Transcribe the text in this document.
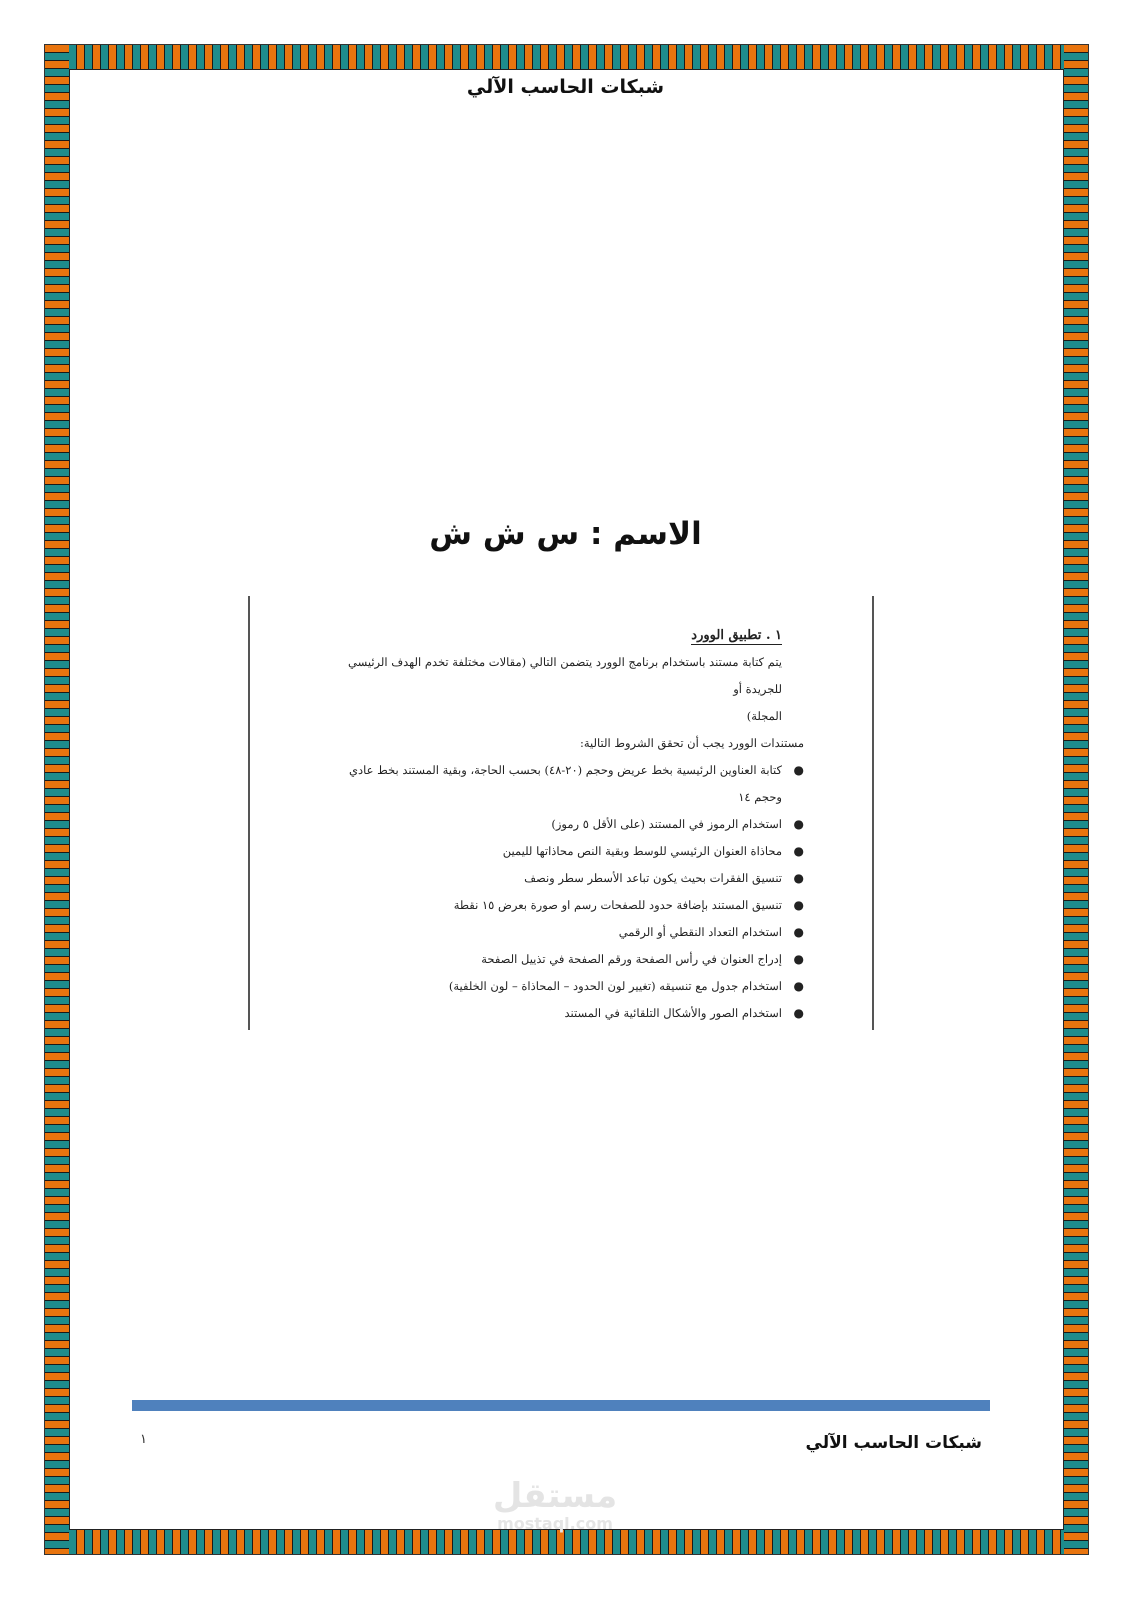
شبكات الحاسب الآلي
الاسم : س ش ش
١ . تطبيق الوورد

يتم كتابة مستند باستخدام برنامج الوورد يتضمن التالي (مقالات مختلفة تخدم الهدف الرئيسي للجريدة أو

المجلة)

مستندات الوورد يجب أن تحقق الشروط التالية:

●
كتابة العناوين الرئيسية بخط عريض وحجم (٢٠-٤٨) بحسب الحاجة، وبقية المستند بخط عادي
وحجم ١٤
●
استخدام الرموز في المستند (على الأقل ٥ رموز)
●
محاذاة العنوان الرئيسي للوسط وبقية النص محاذاتها لليمين
●
تنسيق الفقرات بحيث يكون تباعد الأسطر سطر ونصف
●
تنسيق المستند بإضافة حدود للصفحات رسم او صورة بعرض ١٥ نقطة
●
استخدام التعداد النقطي أو الرقمي
●
إدراج العنوان في رأس الصفحة ورقم الصفحة في تذييل الصفحة
●
استخدام جدول مع تنسيقه (تغيير لون الحدود – المحاذاة – لون الخلفية)
●
استخدام الصور والأشكال التلقائية في المستند
شبكات الحاسب الآلي
١
مستقل
mostaql.com
